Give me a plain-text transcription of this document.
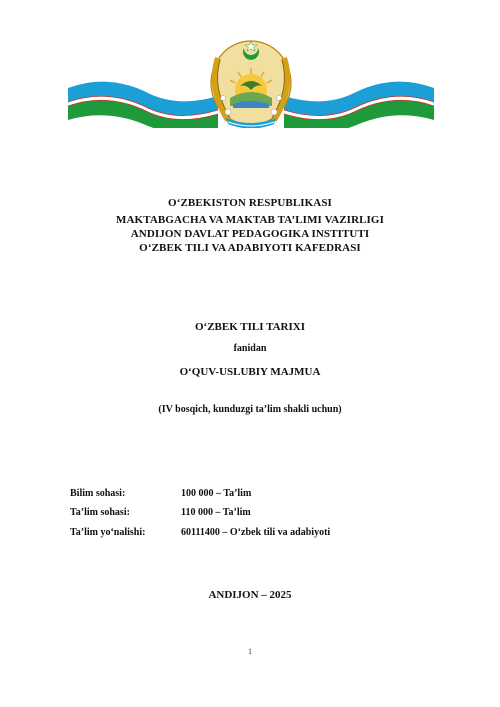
O‘ZBEKISTON RESPUBLIKASI
MAKTABGACHA VA MAKTAB TA’LIMI VAZIRLIGI
ANDIJON DAVLAT PEDAGOGIKA INSTITUTI
O‘ZBEK TILI VA ADABIYOTI KAFEDRASI
O‘ZBEK TILI TARIXI
fanidan
O‘QUV-USLUBIY MAJMUA
(IV bosqich, kunduzgi ta’lim shakli uchun)
Bilim sohasi:	100 000 – Ta’lim
Ta’lim sohasi:	110 000 – Ta’lim
Ta’lim yo‘nalishi:	60111400 – O‘zbek tili va adabiyoti
ANDIJON – 2025
1
